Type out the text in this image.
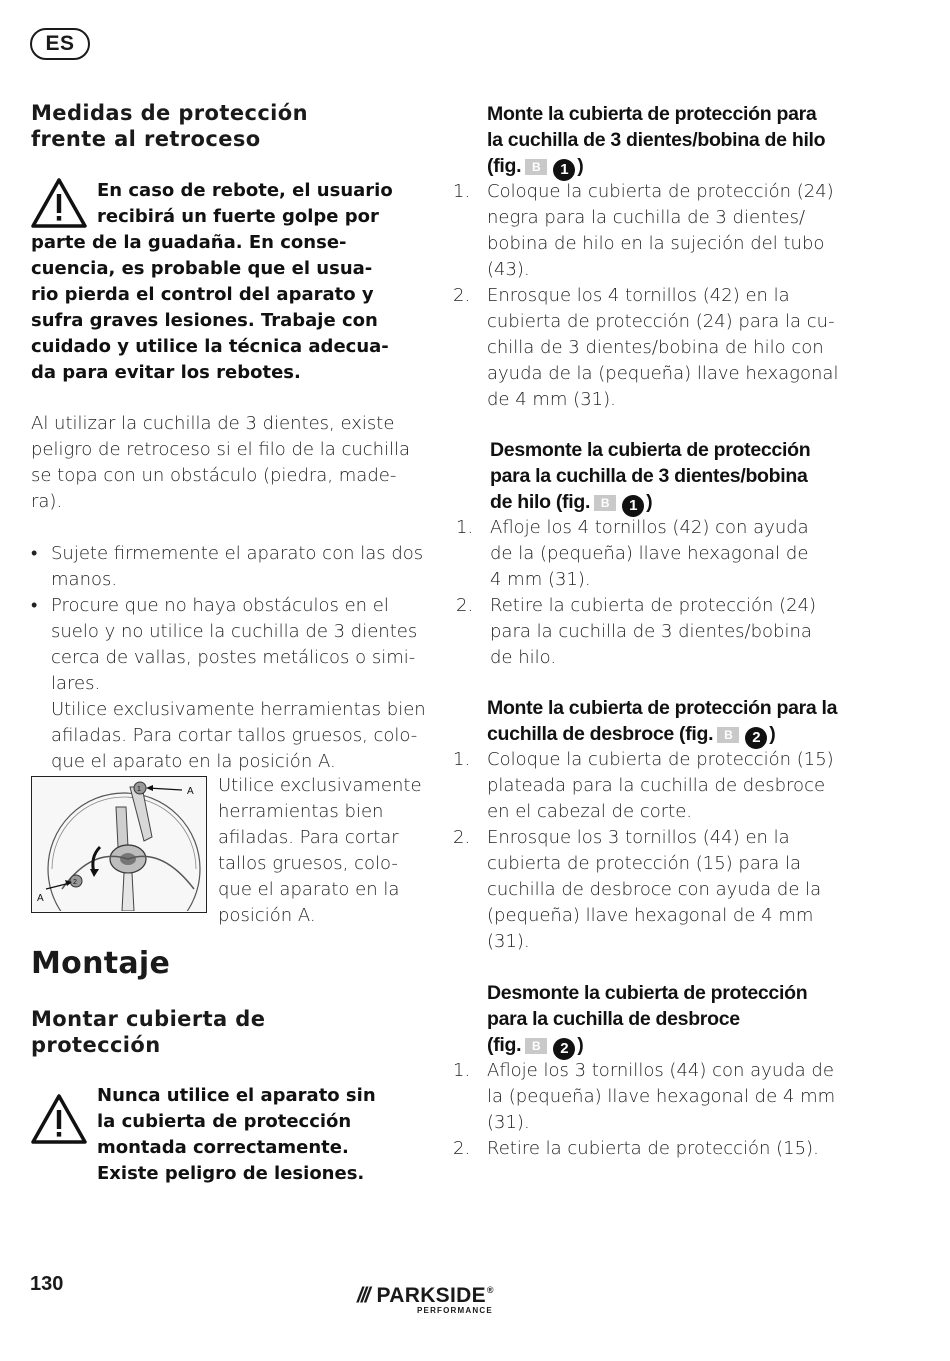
ES
Medidas de protección
frente al retroceso
En caso de rebote, el usuario
recibirá un fuerte golpe por
parte de la guadaña. En conse-
cuencia, es probable que el usua-
rio pierda el control del aparato y
sufra graves lesiones. Trabaje con
cuidado y utilice la técnica adecua-
da para evitar los rebotes.
Al utilizar la cuchilla de 3 dientes, existe
peligro de retroceso si el filo de la cuchilla
se topa con un obstáculo (piedra, made-
ra).
• Sujete firmemente el aparato con las dos
manos.
• Procure que no haya obstáculos en el
suelo y no utilice la cuchilla de 3 dientes
cerca de vallas, postes metálicos o simi-
lares.
Utilice exclusivamente herramientas bien
afiladas. Para cortar tallos gruesos, colo-
que el aparato en la posición A.
A
A
1
2
Utilice exclusivamente
herramientas bien
afiladas. Para cortar
tallos gruesos, colo-
que el aparato en la
posición A.
Montaje
Montar cubierta de
protección
Nunca utilice el aparato sin
la cubierta de protección
montada correctamente.
Existe peligro de lesiones.
Monte la cubierta de protección para
la cuchilla de 3 dientes/bobina de hilo
(fig. B 1 )
1. Coloque la cubierta de protección (24)
negra para la cuchilla de 3 dientes/
bobina de hilo en la sujeción del tubo
(43).
2. Enrosque los 4 tornillos (42) en la
cubierta de protección (24) para la cu-
chilla de 3 dientes/bobina de hilo con
ayuda de la (pequeña) llave hexagonal
de 4 mm (31).
Desmonte la cubierta de protección
para la cuchilla de 3 dientes/bobina
de hilo (fig. B 1 )
1. Afloje los 4 tornillos (42) con ayuda
de la (pequeña) llave hexagonal de
4 mm (31).
2. Retire la cubierta de protección (24)
para la cuchilla de 3 dientes/bobina
de hilo.
Monte la cubierta de protección para la
cuchilla de desbroce (fig. B 2 )
1. Coloque la cubierta de protección (15)
plateada para la cuchilla de desbroce
en el cabezal de corte.
2. Enrosque los 3 tornillos (44) en la
cubierta de protección (15) para la
cuchilla de desbroce con ayuda de la
(pequeña) llave hexagonal de 4 mm
(31).
Desmonte la cubierta de protección
para la cuchilla de desbroce
(fig. B 2 )
1. Afloje los 3 tornillos (44) con ayuda de
la (pequeña) llave hexagonal de 4 mm
(31).
2. Retire la cubierta de protección (15).
130	/// PARKSIDE ®
PERFORMANCE
